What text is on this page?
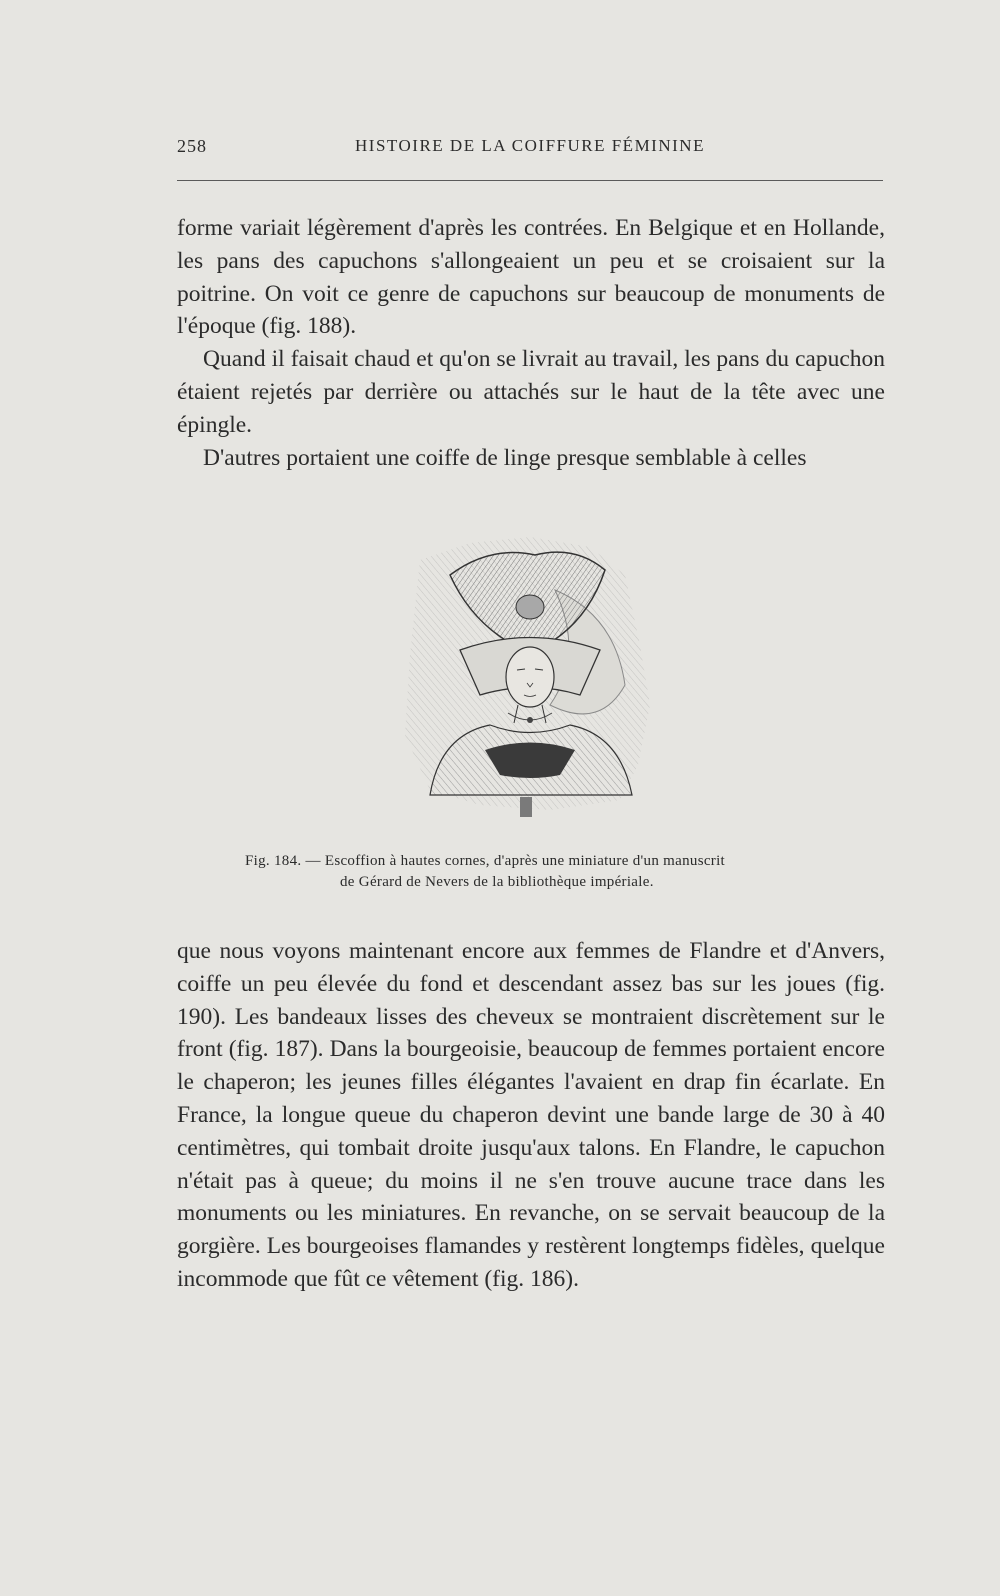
258	HISTOIRE DE LA COIFFURE FÉMININE

forme variait légèrement d'après les contrées. En Belgique et en Hollande, les pans des capuchons s'allongeaient un peu et se croisaient sur la poitrine. On voit ce genre de capuchons sur beaucoup de monuments de l'époque (fig. 188).

Quand il faisait chaud et qu'on se livrait au travail, les pans du capuchon étaient rejetés par derrière ou attachés sur le haut de la tête avec une épingle.

D'autres portaient une coiffe de linge presque semblable à celles

Fig. 184. — Escoffion à hautes cornes, d'après une miniature d'un manuscrit
de Gérard de Nevers de la bibliothèque impériale.

que nous voyons maintenant encore aux femmes de Flandre et d'Anvers, coiffe un peu élevée du fond et descendant assez bas sur les joues (fig. 190). Les bandeaux lisses des cheveux se montraient discrètement sur le front (fig. 187). Dans la bourgeoisie, beaucoup de femmes portaient encore le chaperon; les jeunes filles élégantes l'avaient en drap fin écarlate. En France, la longue queue du chaperon devint une bande large de 30 à 40 centimètres, qui tombait droite jusqu'aux talons. En Flandre, le capuchon n'était pas à queue; du moins il ne s'en trouve aucune trace dans les monuments ou les miniatures. En revanche, on se servait beaucoup de la gorgière. Les bourgeoises flamandes y restèrent longtemps fidèles, quelque incommode que fût ce vêtement (fig. 186).
